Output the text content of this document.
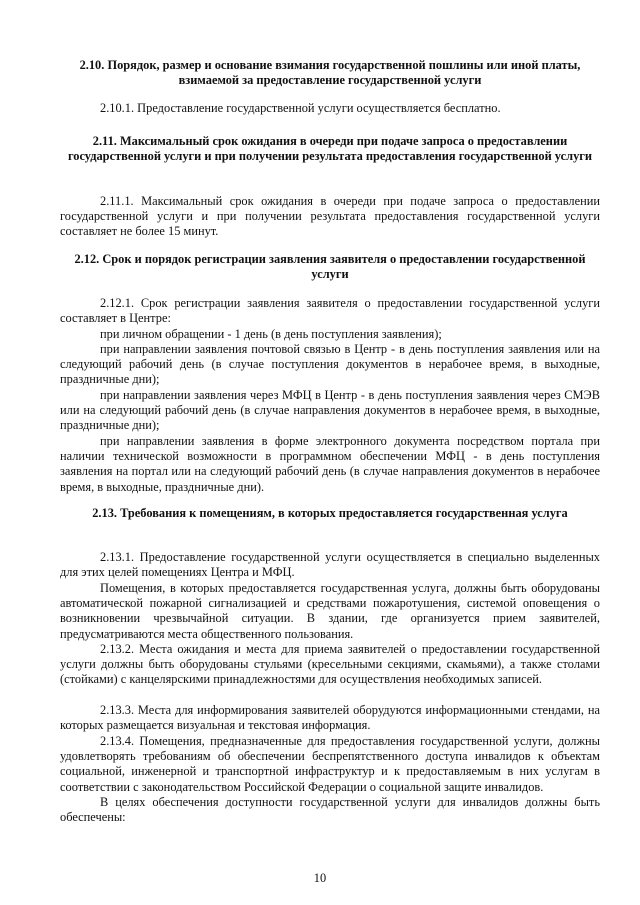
2.10. Порядок, размер и основание взимания государственной пошлины или иной платы, взимаемой за предоставление государственной услуги

2.10.1. Предоставление государственной услуги осуществляется бесплатно.

2.11. Максимальный срок ожидания в очереди при подаче запроса о предоставлении государственной услуги и при получении результата предоставления государственной услуги

2.11.1. Максимальный срок ожидания в очереди при подаче запроса о предоставлении государственной услуги и при получении результата предоставления государственной услуги составляет не более 15 минут.

2.12. Срок и порядок регистрации заявления заявителя о предоставлении государственной услуги

2.12.1. Срок регистрации заявления заявителя о предоставлении государственной услуги составляет в Центре:

при личном обращении - 1 день (в день поступления заявления);

при направлении заявления почтовой связью в Центр - в день поступления заявления или на следующий рабочий день (в случае поступления документов в нерабочее время, в выходные, праздничные дни);

при направлении заявления через МФЦ в Центр - в день поступления заявления через СМЭВ или на следующий рабочий день (в случае направления документов в нерабочее время, в выходные, праздничные дни);

при направлении заявления в форме электронного документа посредством портала при наличии технической возможности в программном обеспечении МФЦ - в день поступления заявления на портал или на следующий рабочий день (в случае направления документов в нерабочее время, в выходные, праздничные дни).

2.13. Требования к помещениям, в которых предоставляется государственная услуга

2.13.1. Предоставление государственной услуги осуществляется в специально выделенных для этих целей помещениях Центра и МФЦ.

Помещения, в которых предоставляется государственная услуга, должны быть оборудованы автоматической пожарной сигнализацией и средствами пожаротушения, системой оповещения о возникновении чрезвычайной ситуации. В здании, где организуется прием заявителей, предусматриваются места общественного пользования.

2.13.2. Места ожидания и места для приема заявителей о предоставлении государственной услуги должны быть оборудованы стульями (кресельными секциями, скамьями), а также столами (стойками) с канцелярскими принадлежностями для осуществления необходимых записей.

2.13.3. Места для информирования заявителей оборудуются информационными стендами, на которых размещается визуальная и текстовая информация.

2.13.4. Помещения, предназначенные для предоставления государственной услуги, должны удовлетворять требованиям об обеспечении беспрепятственного доступа инвалидов к объектам социальной, инженерной и транспортной инфраструктур и к предоставляемым в них услугам в соответствии с законодательством Российской Федерации о социальной защите инвалидов.

В целях обеспечения доступности государственной услуги для инвалидов должны быть обеспечены:

10
